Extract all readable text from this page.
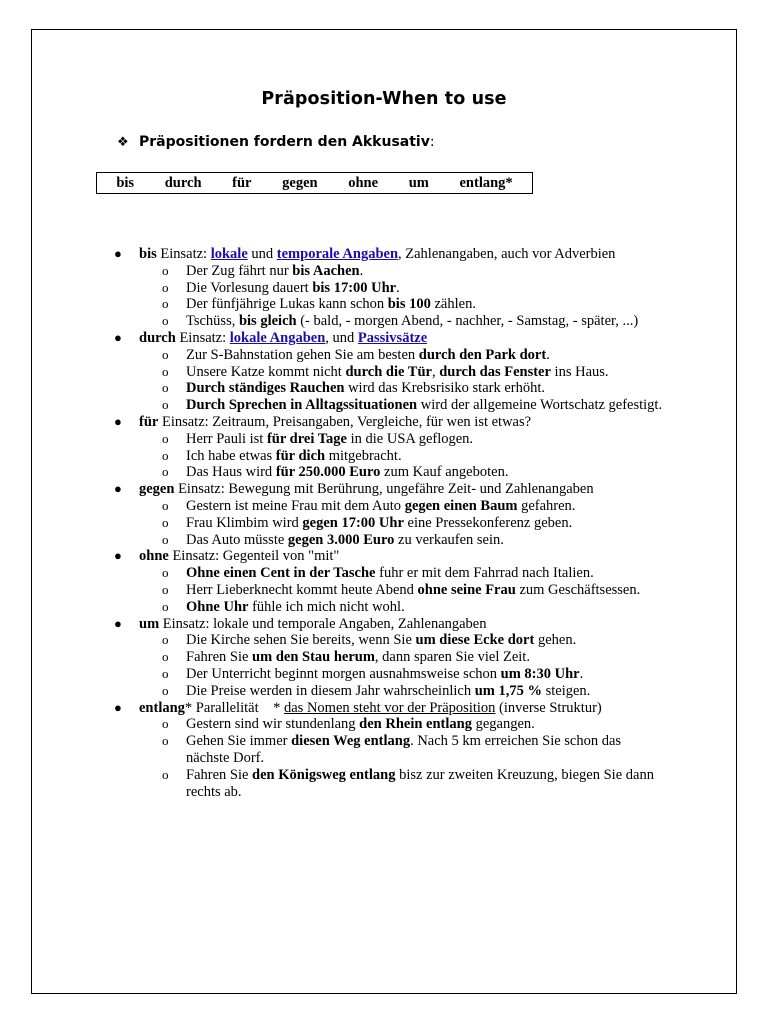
Präposition-When to use
❖ Präpositionen fordern den Akkusativ:
bis durch für gegen ohne um entlang*
● bis Einsatz: lokale und temporale Angaben, Zahlenangaben, auch vor Adverbien
o Der Zug fährt nur bis Aachen.
o Die Vorlesung dauert bis 17:00 Uhr.
o Der fünfjährige Lukas kann schon bis 100 zählen.
o Tschüss, bis gleich (- bald, - morgen Abend, - nachher, - Samstag, - später, ...)
● durch Einsatz: lokale Angaben, und Passivsätze
o Zur S-Bahnstation gehen Sie am besten durch den Park dort.
o Unsere Katze kommt nicht durch die Tür, durch das Fenster ins Haus.
o Durch ständiges Rauchen wird das Krebsrisiko stark erhöht.
o Durch Sprechen in Alltagssituationen wird der allgemeine Wortschatz gefestigt.
● für Einsatz: Zeitraum, Preisangaben, Vergleiche, für wen ist etwas?
o Herr Pauli ist für drei Tage in die USA geflogen.
o Ich habe etwas für dich mitgebracht.
o Das Haus wird für 250.000 Euro zum Kauf angeboten.
● gegen Einsatz: Bewegung mit Berührung, ungefähre Zeit- und Zahlenangaben
o Gestern ist meine Frau mit dem Auto gegen einen Baum gefahren.
o Frau Klimbim wird gegen 17:00 Uhr eine Pressekonferenz geben.
o Das Auto müsste gegen 3.000 Euro zu verkaufen sein.
● ohne Einsatz: Gegenteil von "mit"
o Ohne einen Cent in der Tasche fuhr er mit dem Fahrrad nach Italien.
o Herr Lieberknecht kommt heute Abend ohne seine Frau zum Geschäftsessen.
o Ohne Uhr fühle ich mich nicht wohl.
● um Einsatz: lokale und temporale Angaben, Zahlenangaben
o Die Kirche sehen Sie bereits, wenn Sie um diese Ecke dort gehen.
o Fahren Sie um den Stau herum, dann sparen Sie viel Zeit.
o Der Unterricht beginnt morgen ausnahmsweise schon um 8:30 Uhr.
o Die Preise werden in diesem Jahr wahrscheinlich um 1,75 % steigen.
● entlang* Parallelität    * das Nomen steht vor der Präposition (inverse Struktur)
o Gestern sind wir stundenlang den Rhein entlang gegangen.
o Gehen Sie immer diesen Weg entlang. Nach 5 km erreichen Sie schon das nächste Dorf.
o Fahren Sie den Königsweg entlang bisz zur zweiten Kreuzung, biegen Sie dann rechts ab.
